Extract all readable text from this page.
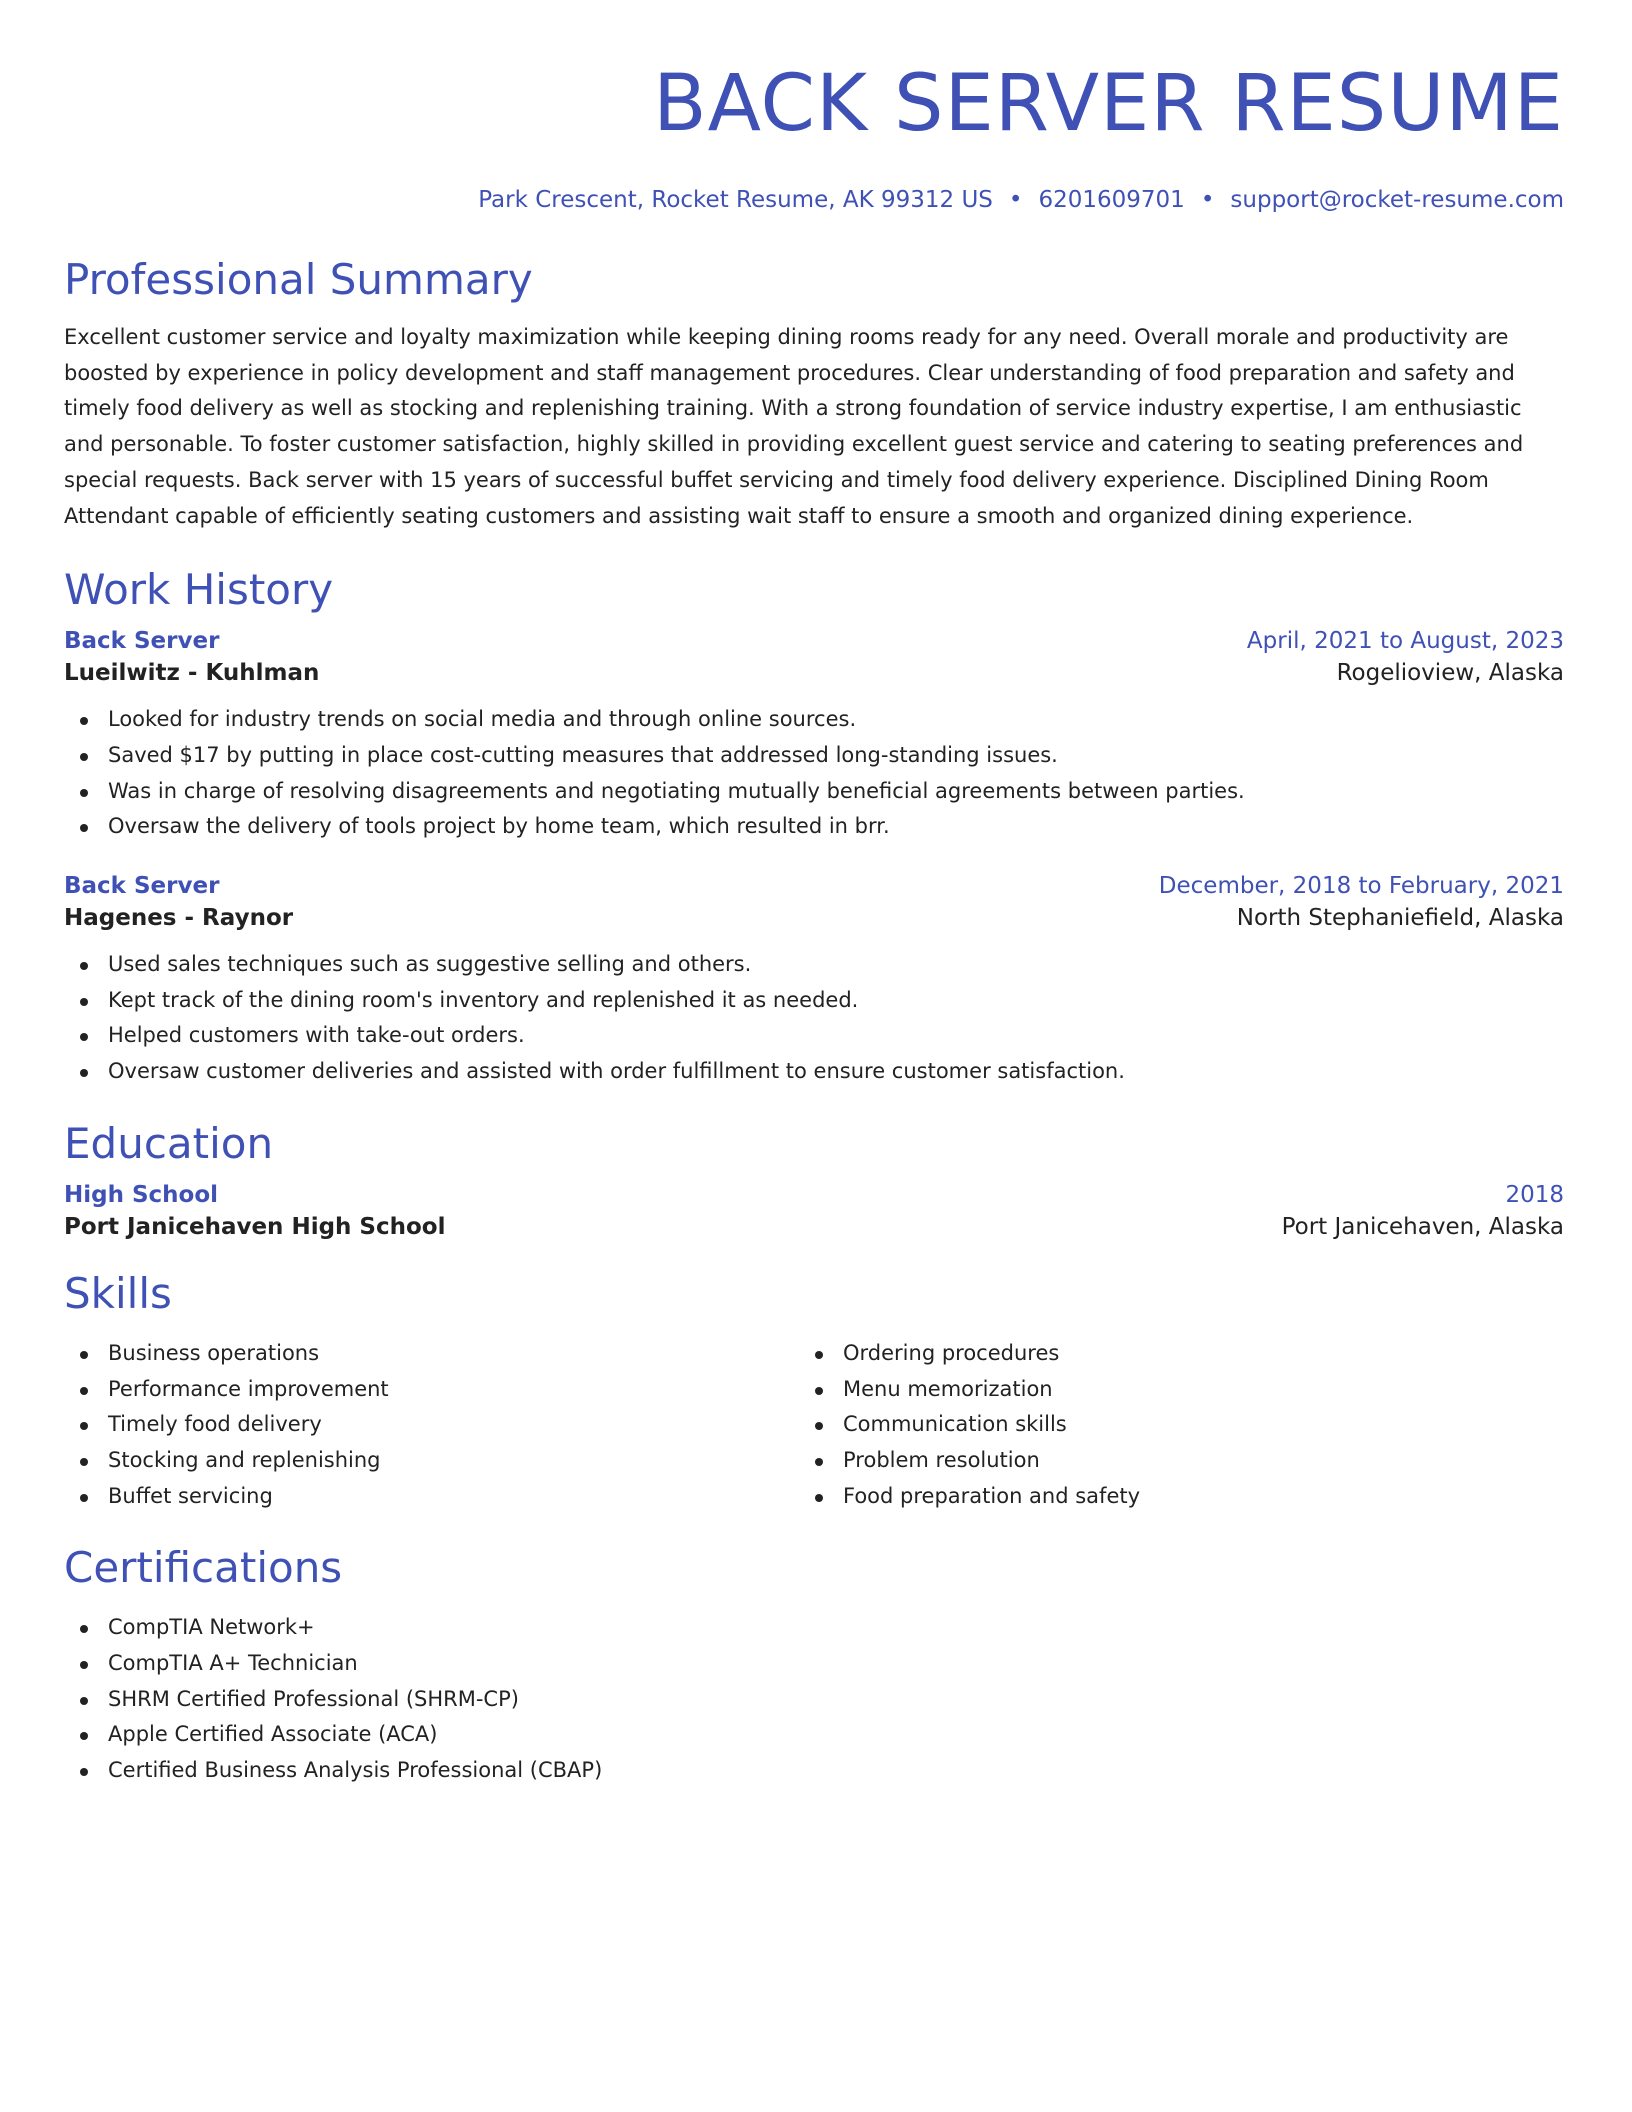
BACK SERVER RESUME
Park Crescent, Rocket Resume, AK 99312 US • 6201609701 • support@rocket-resume.com
Professional Summary

Excellent customer service and loyalty maximization while keeping dining rooms ready for any need. Overall morale and productivity are boosted by experience in policy development and staff management procedures. Clear understanding of food preparation and safety and timely food delivery as well as stocking and replenishing training. With a strong foundation of service industry expertise, I am enthusiastic and personable. To foster customer satisfaction, highly skilled in providing excellent guest service and catering to seating preferences and special requests. Back server with 15 years of successful buffet servicing and timely food delivery experience. Disciplined Dining Room Attendant capable of efficiently seating customers and assisting wait staff to ensure a smooth and organized dining experience.

Work History
Back Server	April, 2021 to August, 2023
Lueilwitz - Kuhlman	Rogelioview, Alaska
Looked for industry trends on social media and through online sources.
Saved $17 by putting in place cost-cutting measures that addressed long-standing issues.
Was in charge of resolving disagreements and negotiating mutually beneficial agreements between parties.
Oversaw the delivery of tools project by home team, which resulted in brr.
Back Server	December, 2018 to February, 2021
Hagenes - Raynor	North Stephaniefield, Alaska
Used sales techniques such as suggestive selling and others.
Kept track of the dining room's inventory and replenished it as needed.
Helped customers with take-out orders.
Oversaw customer deliveries and assisted with order fulfillment to ensure customer satisfaction.
Education
High School	2018
Port Janicehaven High School	Port Janicehaven, Alaska
Skills
Business operations
Performance improvement
Timely food delivery
Stocking and replenishing
Buffet servicing
Ordering procedures
Menu memorization
Communication skills
Problem resolution
Food preparation and safety
Certifications
CompTIA Network+
CompTIA A+ Technician
SHRM Certified Professional (SHRM-CP)
Apple Certified Associate (ACA)
Certified Business Analysis Professional (CBAP)
